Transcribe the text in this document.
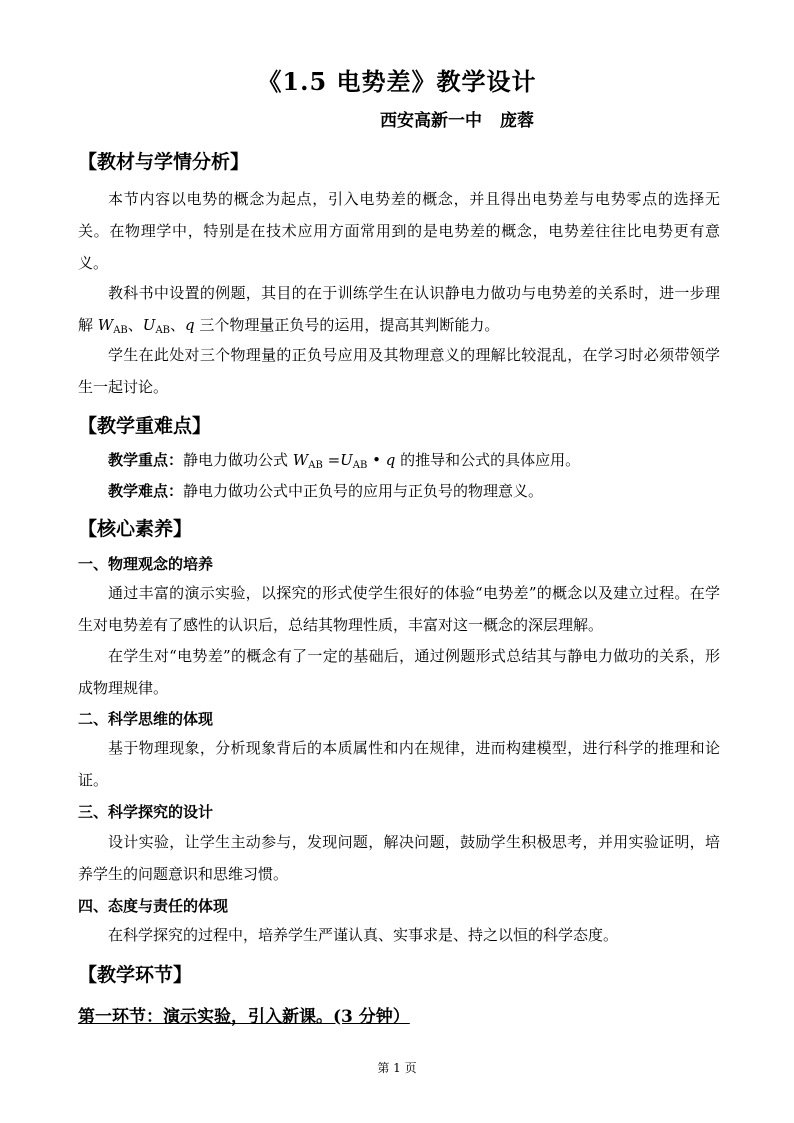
《1.5 电势差》教学设计
西安高新一中 庞蓉
【教材与学情分析】
本节内容以电势的概念为起点，引入电势差的概念，并且得出电势差与电势零点的选择无关。在物理学中，特别是在技术应用方面常用到的是电势差的概念，电势差往往比电势更有意义。
教科书中设置的例题，其目的在于训练学生在认识静电力做功与电势差的关系时，进一步理解 $W_{AB}$、$U_{AB}$、q 三个物理量正负号的运用，提高其判断能力。
学生在此处对三个物理量的正负号应用及其物理意义的理解比较混乱，在学习时必须带领学生一起讨论。
【教学重难点】
教学重点：静电力做功公式 $W_{AB} =U_{AB}$ • q 的推导和公式的具体应用。
教学难点：静电力做功公式中正负号的应用与正负号的物理意义。
【核心素养】
一、物理观念的培养
通过丰富的演示实验，以探究的形式使学生很好的体验“电势差”的概念以及建立过程。在学生对电势差有了感性的认识后，总结其物理性质，丰富对这一概念的深层理解。
在学生对“电势差”的概念有了一定的基础后，通过例题形式总结其与静电力做功的关系，形成物理规律。
二、科学思维的体现
基于物理现象，分析现象背后的本质属性和内在规律，进而构建模型，进行科学的推理和论证。
三、科学探究的设计
设计实验，让学生主动参与，发现问题，解决问题，鼓励学生积极思考，并用实验证明，培养学生的问题意识和思维习惯。
四、态度与责任的体现
在科学探究的过程中，培养学生严谨认真、实事求是、持之以恒的科学态度。
【教学环节】
第一环节：演示实验，引入新课。(3 分钟）
第 1 页
